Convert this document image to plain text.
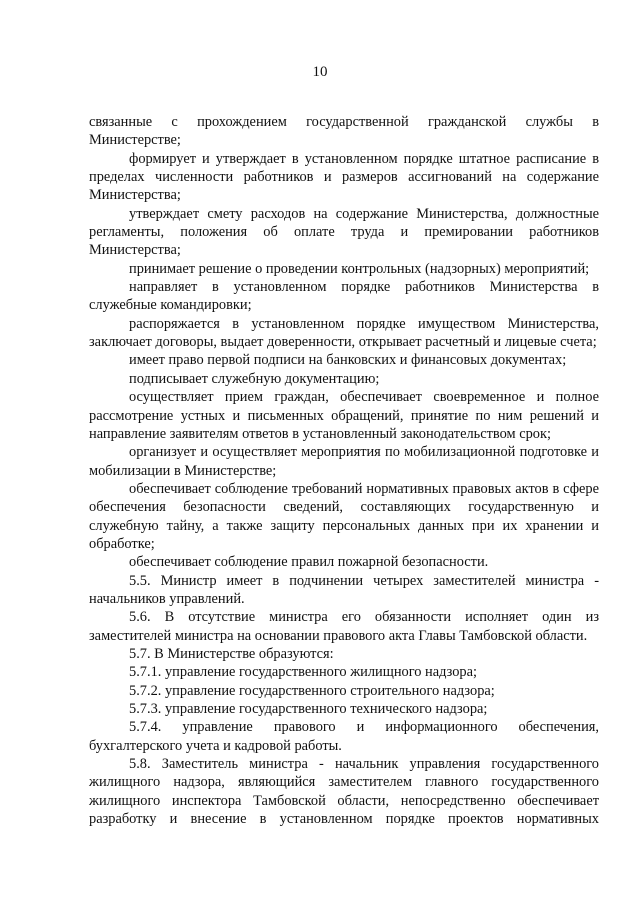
10

связанные с прохождением государственной гражданской службы в Министерстве;

формирует и утверждает в установленном порядке штатное расписание в пределах численности работников и размеров ассигнований на содержание Министерства;

утверждает смету расходов на содержание Министерства, должностные регламенты, положения об оплате труда и премировании работников Министерства;

принимает решение о проведении контрольных (надзорных) мероприятий;

направляет в установленном порядке работников Министерства в служебные командировки;

распоряжается в установленном порядке имуществом Министерства, заключает договоры, выдает доверенности, открывает расчетный и лицевые счета;

имеет право первой подписи на банковских и финансовых документах;

подписывает служебную документацию;

осуществляет прием граждан, обеспечивает своевременное и полное рассмотрение устных и письменных обращений, принятие по ним решений и направление заявителям ответов в установленный законодательством срок;

организует и осуществляет мероприятия по мобилизационной подготовке и мобилизации в Министерстве;

обеспечивает соблюдение требований нормативных правовых актов в сфере обеспечения безопасности сведений, составляющих государственную и служебную тайну, а также защиту персональных данных при их хранении и обработке;

обеспечивает соблюдение правил пожарной безопасности.

5.5. Министр имеет в подчинении четырех заместителей министра - начальников управлений.

5.6. В отсутствие министра его обязанности исполняет один из заместителей министра на основании правового акта Главы Тамбовской области.

5.7. В Министерстве образуются:

5.7.1. управление государственного жилищного надзора;

5.7.2. управление государственного строительного надзора;

5.7.3. управление государственного технического надзора;

5.7.4. управление правового и информационного обеспечения, бухгалтерского учета и кадровой работы.

5.8. Заместитель министра - начальник управления государственного жилищного надзора, являющийся заместителем главного государственного жилищного инспектора Тамбовской области, непосредственно обеспечивает разработку и внесение в установленном порядке проектов нормативных
